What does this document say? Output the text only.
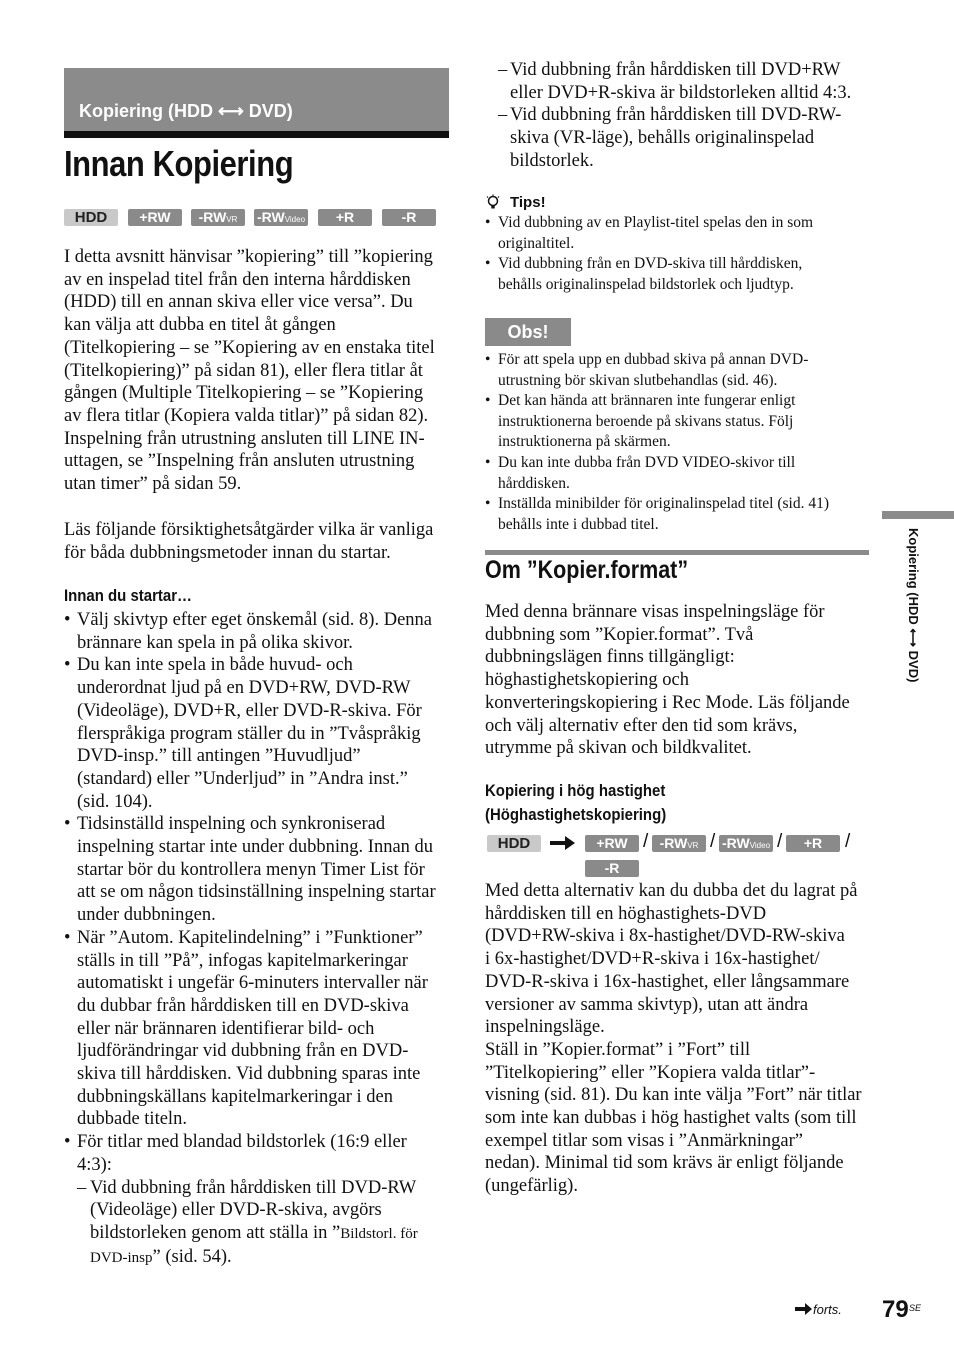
Kopiering (HDD ⟷ DVD)
Innan Kopiering
HDD	+RW	-RWVR	-RWVideo	+R	-R
I detta avsnitt hänvisar ”kopiering” till ”kopiering
av en inspelad titel från den interna hårddisken
(HDD) till en annan skiva eller vice versa”. Du
kan välja att dubba en titel åt gången
(Titelkopiering – se ”Kopiering av en enstaka titel
(Titelkopiering)” på sidan 81), eller flera titlar åt
gången (Multiple Titelkopiering – se ”Kopiering
av flera titlar (Kopiera valda titlar)” på sidan 82).
Inspelning från utrustning ansluten till LINE IN-
uttagen, se ”Inspelning från ansluten utrustning
utan timer” på sidan 59.
Läs följande försiktighetsåtgärder vilka är vanliga
för båda dubbningsmetoder innan du startar.
Innan du startar…
• Välj skivtyp efter eget önskemål (sid. 8). Denna
brännare kan spela in på olika skivor.
• Du kan inte spela in både huvud- och
underordnat ljud på en DVD+RW, DVD-RW
(Videoläge), DVD+R, eller DVD-R-skiva. För
flerspråkiga program ställer du in ”Tvåspråkig
DVD-insp.” till antingen ”Huvudljud”
(standard) eller ”Underljud” in ”Andra inst.”
(sid. 104).
• Tidsinställd inspelning och synkroniserad
inspelning startar inte under dubbning. Innan du
startar bör du kontrollera menyn Timer List för
att se om någon tidsinställning inspelning startar
under dubbningen.
• När ”Autom. Kapitelindelning” i ”Funktioner”
ställs in till ”På”, infogas kapitelmarkeringar
automatiskt i ungefär 6-minuters intervaller när
du dubbar från hårddisken till en DVD-skiva
eller när brännaren identifierar bild- och
ljudförändringar vid dubbning från en DVD-
skiva till hårddisken. Vid dubbning sparas inte
dubbningskällans kapitelmarkeringar i den
dubbade titeln.
• För titlar med blandad bildstorlek (16:9 eller
4:3):
– Vid dubbning från hårddisken till DVD-RW
(Videoläge) eller DVD-R-skiva, avgörs
bildstorleken genom att ställa in ”Bildstorl. för
DVD-insp” (sid. 54).
– Vid dubbning från hårddisken till DVD+RW
eller DVD+R-skiva är bildstorleken alltid 4:3.
– Vid dubbning från hårddisken till DVD-RW-
skiva (VR-läge), behålls originalinspelad
bildstorlek.
Tips!
• Vid dubbning av en Playlist-titel spelas den in som
originaltitel.
• Vid dubbning från en DVD-skiva till hårddisken,
behålls originalinspelad bildstorlek och ljudtyp.
Obs!
• För att spela upp en dubbad skiva på annan DVD-
utrustning bör skivan slutbehandlas (sid. 46).
• Det kan hända att brännaren inte fungerar enligt
instruktionerna beroende på skivans status. Följ
instruktionerna på skärmen.
• Du kan inte dubba från DVD VIDEO-skivor till
hårddisken.
• Inställda minibilder för originalinspelad titel (sid. 41)
behålls inte i dubbad titel.
Om ”Kopier.format”
Med denna brännare visas inspelningsläge för
dubbning som ”Kopier.format”. Två
dubbningslägen finns tillgängligt:
höghastighetskopiering och
konverteringskopiering i Rec Mode. Läs följande
och välj alternativ efter den tid som krävs,
utrymme på skivan och bildkvalitet.
Kopiering i hög hastighet
(Höghastighetskopiering)
HDD	+RW / -RWVR / -RWVideo /	+R	/
-R
Med detta alternativ kan du dubba det du lagrat på
hårddisken till en höghastighets-DVD
(DVD+RW-skiva i 8x-hastighet/DVD-RW-skiva
i 6x-hastighet/DVD+R-skiva i 16x-hastighet/
DVD-R-skiva i 16x-hastighet, eller långsammare
versioner av samma skivtyp), utan att ändra
inspelningsläge.
Ställ in ”Kopier.format” i ”Fort” till
”Titelkopiering” eller ”Kopiera valda titlar”-
visning (sid. 81). Du kan inte välja ”Fort” när titlar
som inte kan dubbas i hög hastighet valts (som till
exempel titlar som visas i ”Anmärkningar”
nedan). Minimal tid som krävs är enligt följande
(ungefärlig).
Kopiering (HDD ⟷ DVD)
forts. 79 SE
